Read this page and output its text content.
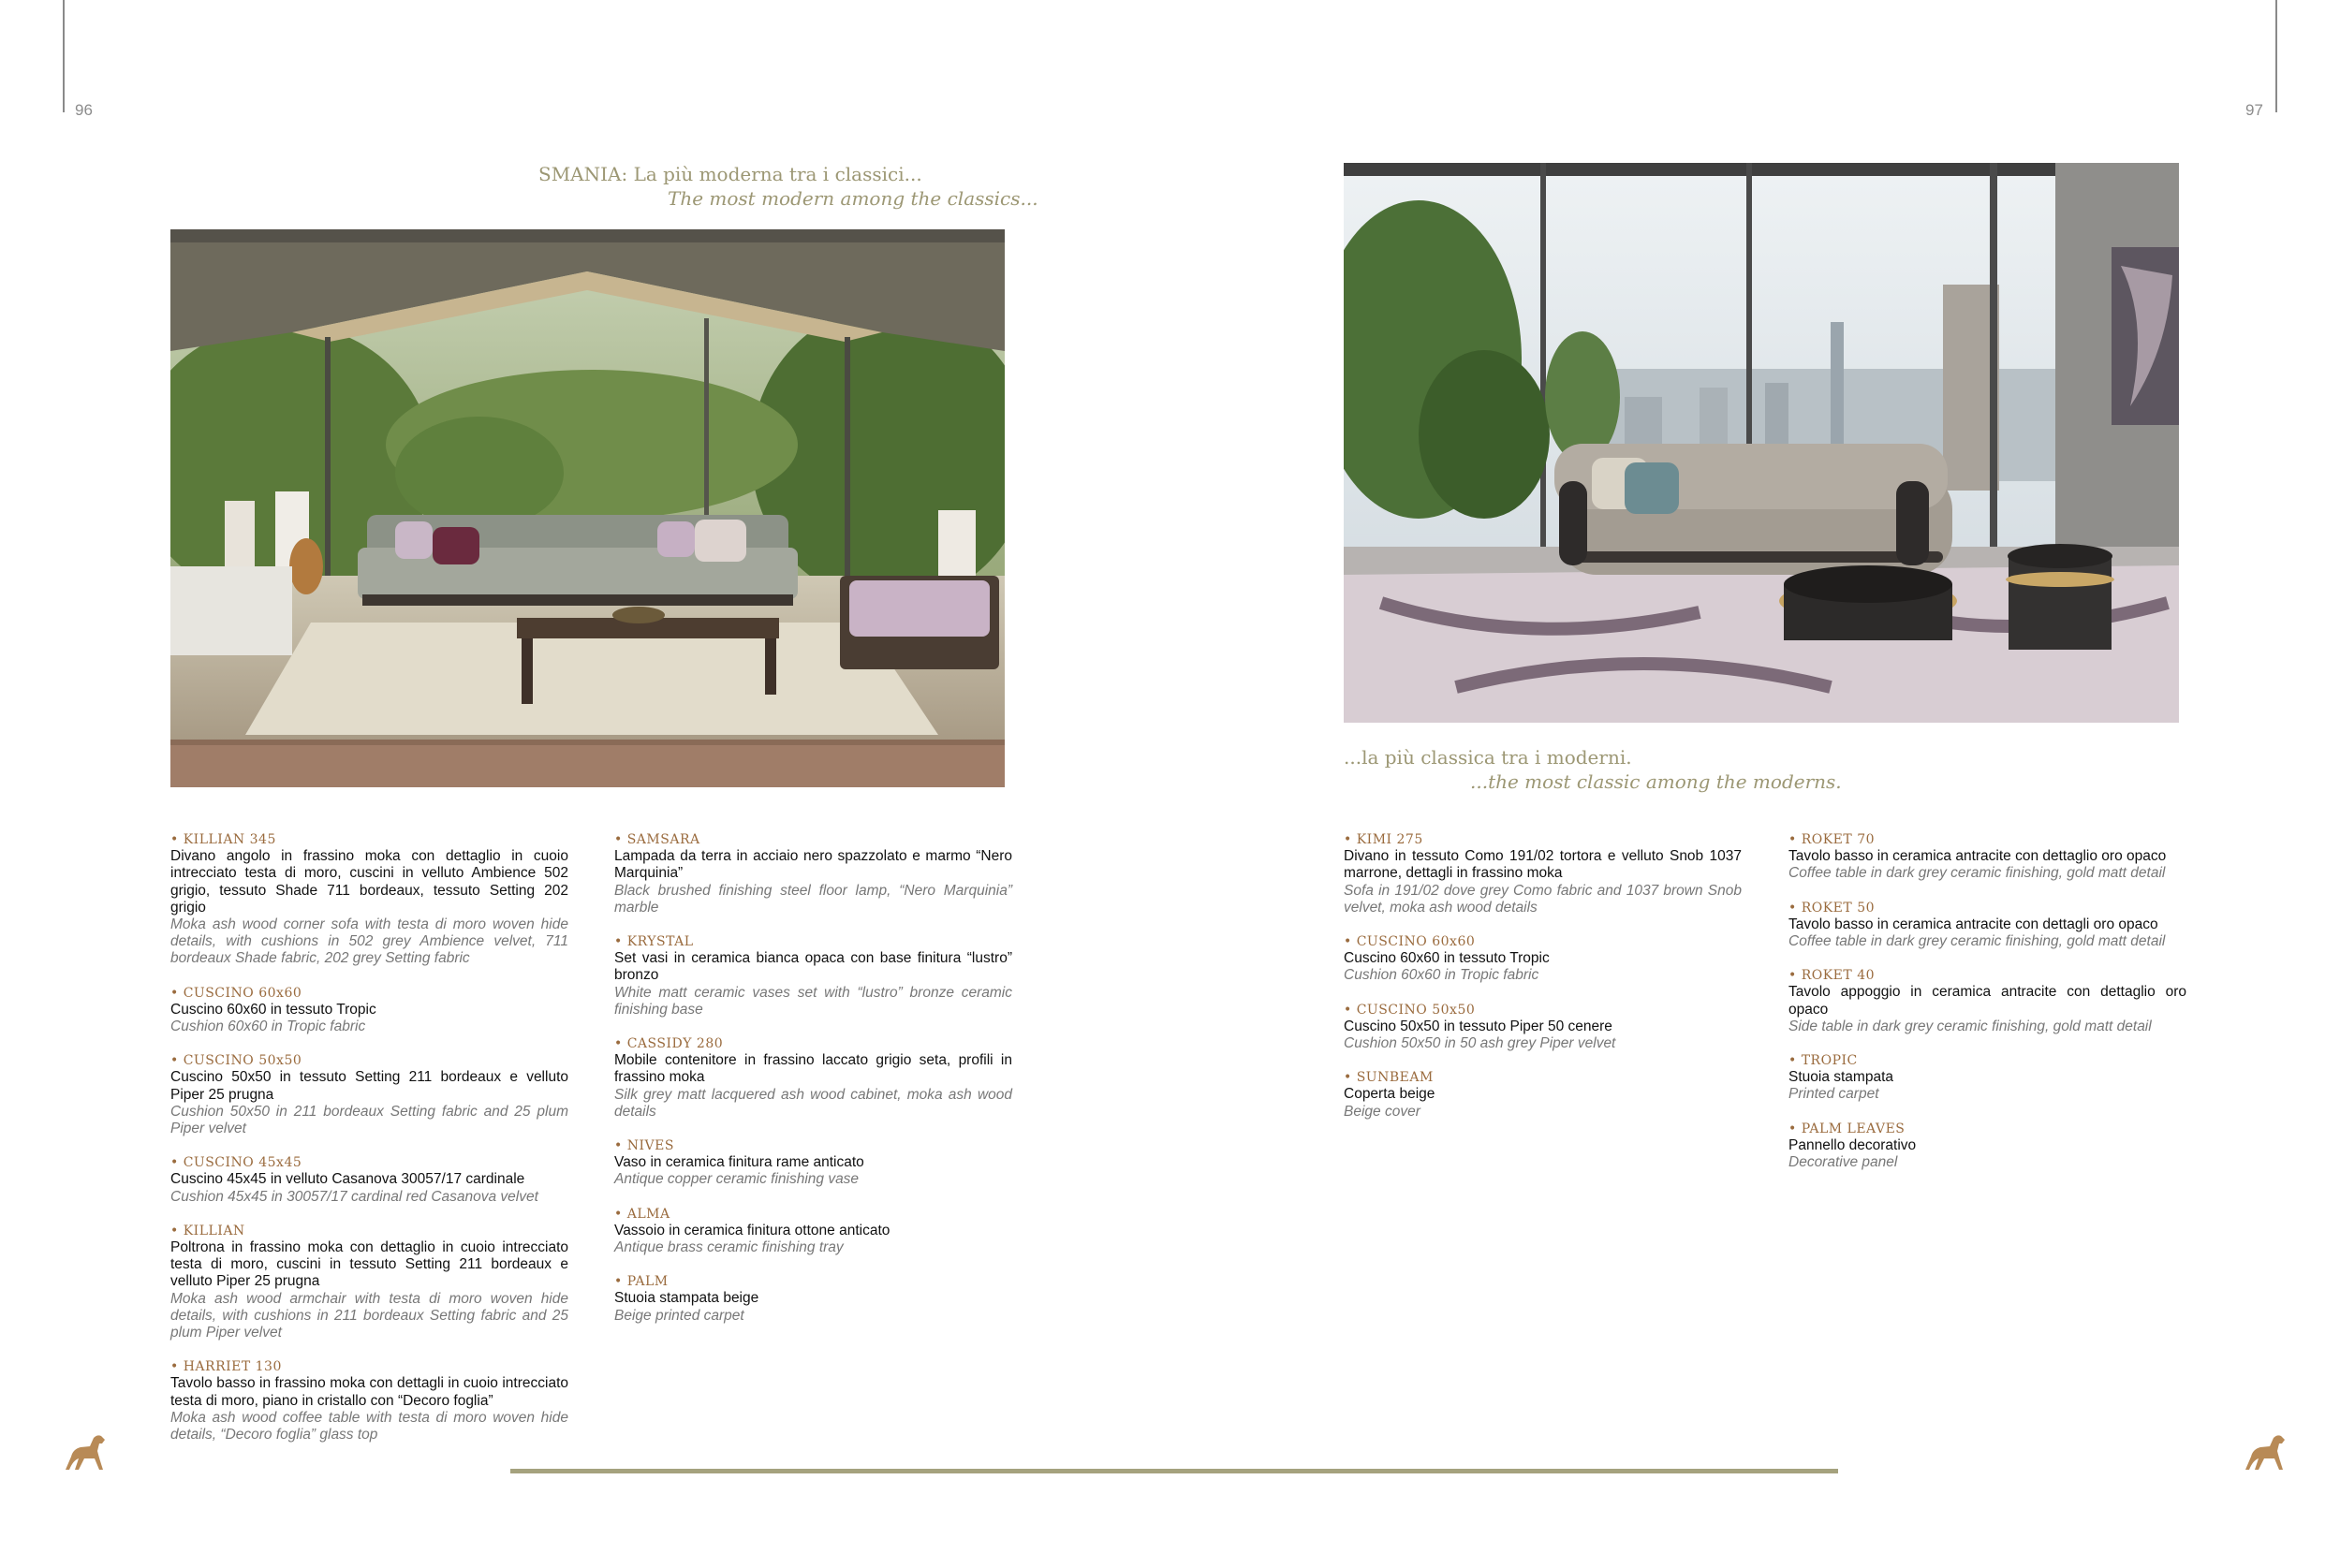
96	97
SMANIA: La più moderna tra i classici...
The most modern among the classics...
...la più classica tra i moderni.
...the most classic among the moderns.
• KILLIAN 345
Divano angolo in frassino moka con dettaglio in cuoio intrecciato testa di moro, cuscini in velluto Ambience 502 grigio, tessuto Shade 711 bordeaux, tessuto Setting 202 grigio
Moka ash wood corner sofa with testa di moro woven hide details, with cushions in 502 grey Ambience velvet, 711 bordeaux Shade fabric, 202 grey Setting fabric
• CUSCINO 60x60
Cuscino 60x60 in tessuto Tropic
Cushion 60x60 in Tropic fabric
• CUSCINO 50x50
Cuscino 50x50 in tessuto Setting 211 bordeaux e velluto Piper 25 prugna
Cushion 50x50 in 211 bordeaux Setting fabric and 25 plum Piper velvet
• CUSCINO 45x45
Cuscino 45x45 in velluto Casanova 30057/17 cardinale
Cushion 45x45 in 30057/17 cardinal red Casanova velvet
• KILLIAN
Poltrona in frassino moka con dettaglio in cuoio intrecciato testa di moro, cuscini in tessuto Setting 211 bordeaux e velluto Piper 25 prugna
Moka ash wood armchair with testa di moro woven hide details, with cushions in 211 bordeaux Setting fabric and 25 plum Piper velvet
• HARRIET 130
Tavolo basso in frassino moka con dettagli in cuoio intrecciato testa di moro, piano in cristallo con “Decoro foglia”
Moka ash wood coffee table with testa di moro woven hide details, “Decoro foglia” glass top
• SAMSARA
Lampada da terra in acciaio nero spazzolato e marmo “Nero Marquinia”
Black brushed finishing steel floor lamp, “Nero Marquinia” marble
• KRYSTAL
Set vasi in ceramica bianca opaca con base finitura “lustro” bronzo
White matt ceramic vases set with “lustro” bronze ceramic finishing base
• CASSIDY 280
Mobile contenitore in frassino laccato grigio seta, profili in frassino moka
Silk grey matt lacquered ash wood cabinet, moka ash wood details
• NIVES
Vaso in ceramica finitura rame anticato
Antique copper ceramic finishing vase
• ALMA
Vassoio in ceramica finitura ottone anticato
Antique brass ceramic finishing tray
• PALM
Stuoia stampata beige
Beige printed carpet
• KIMI 275
Divano in tessuto Como 191/02 tortora e velluto Snob 1037 marrone, dettagli in frassino moka
Sofa in 191/02 dove grey Como fabric and 1037 brown Snob velvet, moka ash wood details
• CUSCINO 60x60
Cuscino 60x60 in tessuto Tropic
Cushion 60x60 in Tropic fabric
• CUSCINO 50x50
Cuscino 50x50 in tessuto Piper 50 cenere
Cushion 50x50 in 50 ash grey Piper velvet
• SUNBEAM
Coperta beige
Beige cover
• ROKET 70
Tavolo basso in ceramica antracite con dettaglio oro opaco
Coffee table in dark grey ceramic finishing, gold matt detail
• ROKET 50
Tavolo basso in ceramica antracite con dettagli oro opaco
Coffee table in dark grey ceramic finishing, gold matt detail
• ROKET 40
Tavolo appoggio in ceramica antracite con dettaglio oro opaco
Side table in dark grey ceramic finishing, gold matt detail
• TROPIC
Stuoia stampata
Printed carpet
• PALM LEAVES
Pannello decorativo
Decorative panel
